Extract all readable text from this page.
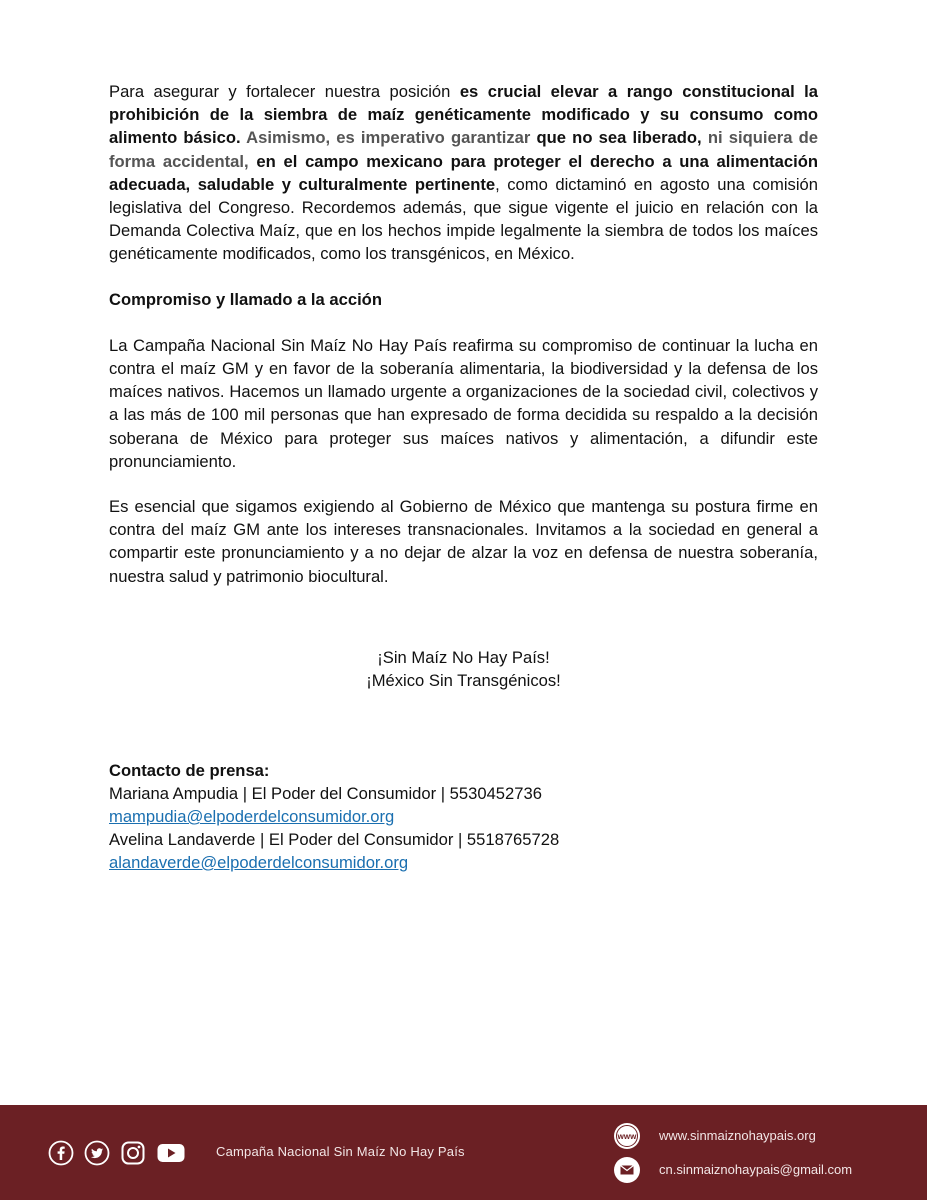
Para asegurar y fortalecer nuestra posición es crucial elevar a rango constitucional la prohibición de la siembra de maíz genéticamente modificado y su consumo como alimento básico. Asimismo, es imperativo garantizar que no sea liberado, ni siquiera de forma accidental, en el campo mexicano para proteger el derecho a una alimentación adecuada, saludable y culturalmente pertinente, como dictaminó en agosto una comisión legislativa del Congreso. Recordemos además, que sigue vigente el juicio en relación con la Demanda Colectiva Maíz, que en los hechos impide legalmente la siembra de todos los maíces genéticamente modificados, como los transgénicos, en México.

Compromiso y llamado a la acción

La Campaña Nacional Sin Maíz No Hay País reafirma su compromiso de continuar la lucha en contra el maíz GM y en favor de la soberanía alimentaria, la biodiversidad y la defensa de los maíces nativos. Hacemos un llamado urgente a organizaciones de la sociedad civil, colectivos y a las más de 100 mil personas que han expresado de forma decidida su respaldo a la decisión soberana de México para proteger sus maíces nativos y alimentación, a difundir este pronunciamiento.

Es esencial que sigamos exigiendo al Gobierno de México que mantenga su postura firme en contra del maíz GM ante los intereses transnacionales. Invitamos a la sociedad en general a compartir este pronunciamiento y a no dejar de alzar la voz en defensa de nuestra soberanía, nuestra salud y patrimonio biocultural.

¡Sin Maíz No Hay País!
¡México Sin Transgénicos!
Contacto de prensa:
Mariana Ampudia | El Poder del Consumidor | 5530452736
mampudia@elpoderdelconsumidor.org
Avelina Landaverde | El Poder del Consumidor | 5518765728
alandaverde@elpoderdelconsumidor.org
Campaña Nacional Sin Maíz No Hay País
www www.sinmaiznohaypais.org
cn.sinmaiznohaypais@gmail.com
